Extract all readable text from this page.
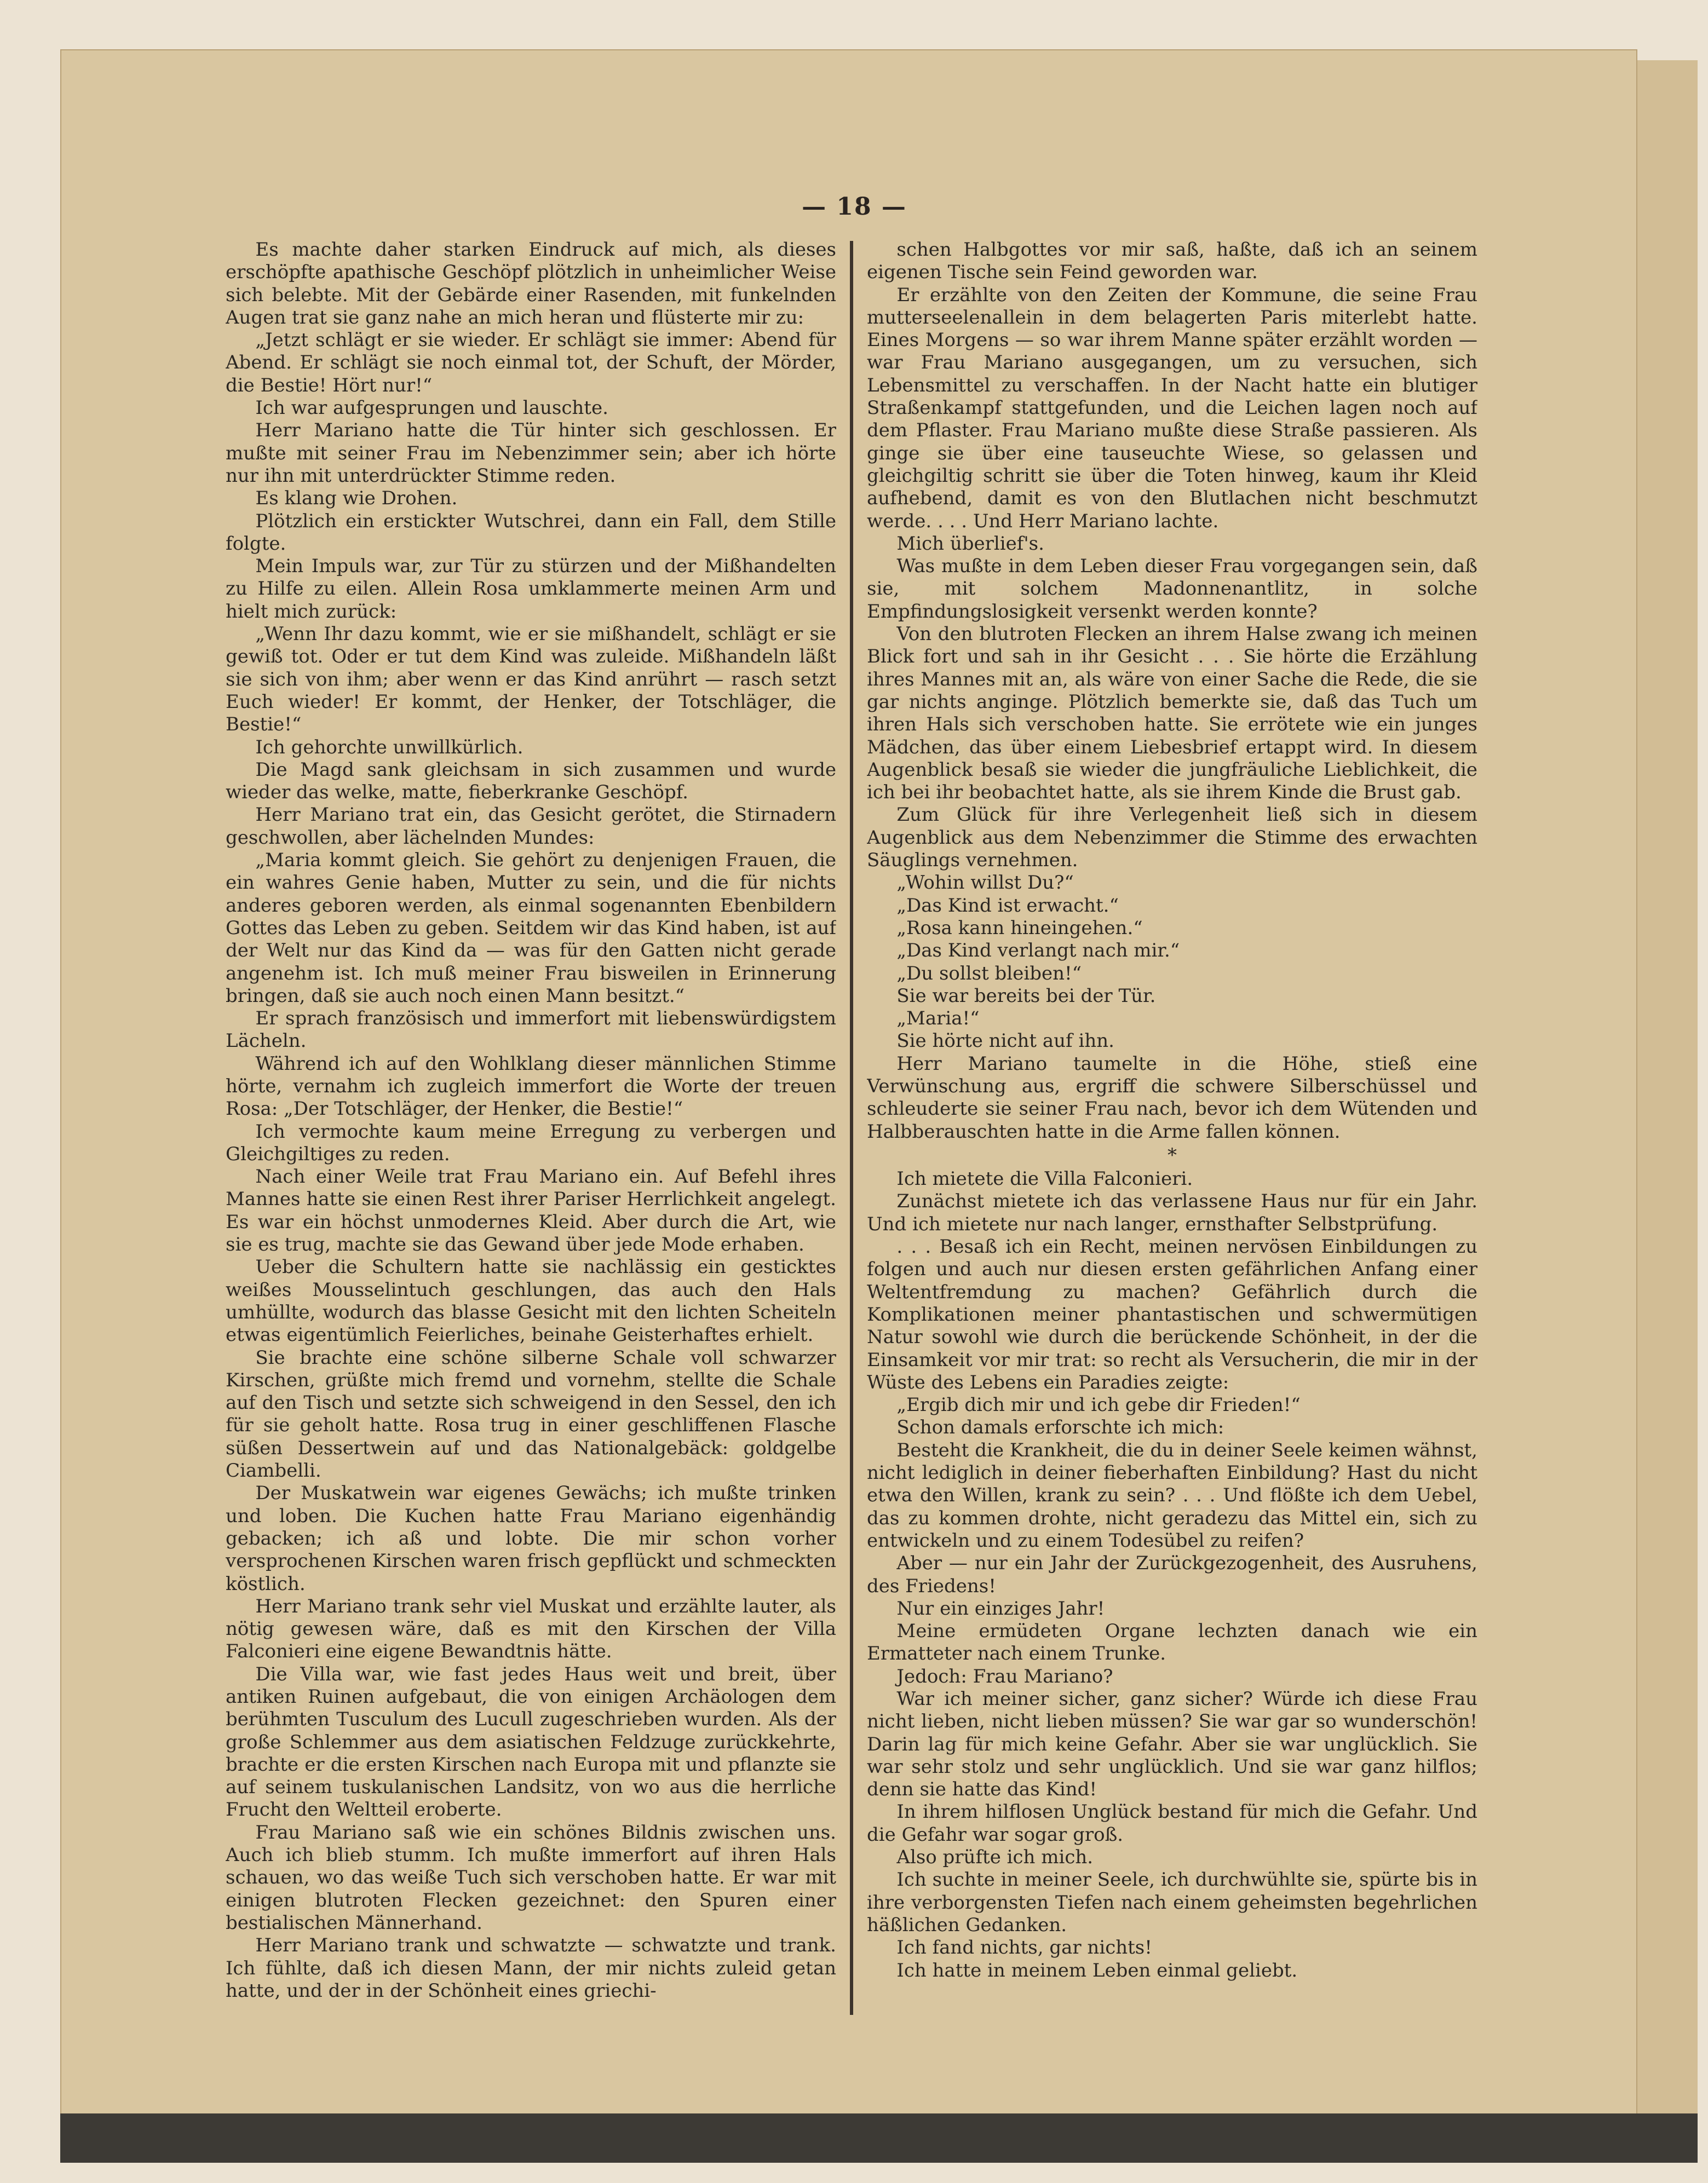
— 18 —

Es machte daher starken Eindruck auf mich, als dieses erschöpfte apathische Geschöpf plötzlich in unheimlicher Weise sich belebte. Mit der Gebärde einer Rasenden, mit funkelnden Augen trat sie ganz nahe an mich heran und flüsterte mir zu:

„Jetzt schlägt er sie wieder. Er schlägt sie immer: Abend für Abend. Er schlägt sie noch einmal tot, der Schuft, der Mörder, die Bestie! Hört nur!“

Ich war aufgesprungen und lauschte.

Herr Mariano hatte die Tür hinter sich geschlossen. Er mußte mit seiner Frau im Nebenzimmer sein; aber ich hörte nur ihn mit unterdrückter Stimme reden.

Es klang wie Drohen.

Plötzlich ein erstickter Wutschrei, dann ein Fall, dem Stille folgte.

Mein Impuls war, zur Tür zu stürzen und der Mißhandelten zu Hilfe zu eilen. Allein Rosa umklammerte meinen Arm und hielt mich zurück:

„Wenn Ihr dazu kommt, wie er sie mißhandelt, schlägt er sie gewiß tot. Oder er tut dem Kind was zuleide. Mißhandeln läßt sie sich von ihm; aber wenn er das Kind anrührt — rasch setzt Euch wieder! Er kommt, der Henker, der Totschläger, die Bestie!“

Ich gehorchte unwillkürlich.

Die Magd sank gleichsam in sich zusammen und wurde wieder das welke, matte, fieberkranke Geschöpf.

Herr Mariano trat ein, das Gesicht gerötet, die Stirnadern geschwollen, aber lächelnden Mundes:

„Maria kommt gleich. Sie gehört zu denjenigen Frauen, die ein wahres Genie haben, Mutter zu sein, und die für nichts anderes geboren werden, als einmal sogenannten Ebenbildern Gottes das Leben zu geben. Seitdem wir das Kind haben, ist auf der Welt nur das Kind da — was für den Gatten nicht gerade angenehm ist. Ich muß meiner Frau bisweilen in Erinnerung bringen, daß sie auch noch einen Mann besitzt.“

Er sprach französisch und immerfort mit liebenswürdigstem Lächeln.

Während ich auf den Wohlklang dieser männlichen Stimme hörte, vernahm ich zugleich immerfort die Worte der treuen Rosa: „Der Totschläger, der Henker, die Bestie!“

Ich vermochte kaum meine Erregung zu verbergen und Gleichgiltiges zu reden.

Nach einer Weile trat Frau Mariano ein. Auf Befehl ihres Mannes hatte sie einen Rest ihrer Pariser Herrlichkeit angelegt. Es war ein höchst unmodernes Kleid. Aber durch die Art, wie sie es trug, machte sie das Gewand über jede Mode erhaben.

Ueber die Schultern hatte sie nachlässig ein gesticktes weißes Mousselintuch geschlungen, das auch den Hals umhüllte, wodurch das blasse Gesicht mit den lichten Scheiteln etwas eigentümlich Feierliches, beinahe Geisterhaftes erhielt.

Sie brachte eine schöne silberne Schale voll schwarzer Kirschen, grüßte mich fremd und vornehm, stellte die Schale auf den Tisch und setzte sich schweigend in den Sessel, den ich für sie geholt hatte. Rosa trug in einer geschliffenen Flasche süßen Dessertwein auf und das Nationalgebäck: goldgelbe Ciambelli.

Der Muskatwein war eigenes Gewächs; ich mußte trinken und loben. Die Kuchen hatte Frau Mariano eigenhändig gebacken; ich aß und lobte. Die mir schon vorher versprochenen Kirschen waren frisch gepflückt und schmeckten köstlich.

Herr Mariano trank sehr viel Muskat und erzählte lauter, als nötig gewesen wäre, daß es mit den Kirschen der Villa Falconieri eine eigene Bewandtnis hätte.

Die Villa war, wie fast jedes Haus weit und breit, über antiken Ruinen aufgebaut, die von einigen Archäologen dem berühmten Tusculum des Lucull zugeschrieben wurden. Als der große Schlemmer aus dem asiatischen Feldzuge zurückkehrte, brachte er die ersten Kirschen nach Europa mit und pflanzte sie auf seinem tuskulanischen Landsitz, von wo aus die herrliche Frucht den Weltteil eroberte.

Frau Mariano saß wie ein schönes Bildnis zwischen uns. Auch ich blieb stumm. Ich mußte immerfort auf ihren Hals schauen, wo das weiße Tuch sich verschoben hatte. Er war mit einigen blutroten Flecken gezeichnet: den Spuren einer bestialischen Männerhand.

Herr Mariano trank und schwatzte — schwatzte und trank. Ich fühlte, daß ich diesen Mann, der mir nichts zuleid getan hatte, und der in der Schönheit eines griechi-

schen Halbgottes vor mir saß, haßte, daß ich an seinem eigenen Tische sein Feind geworden war.

Er erzählte von den Zeiten der Kommune, die seine Frau mutterseelenallein in dem belagerten Paris miterlebt hatte. Eines Morgens — so war ihrem Manne später erzählt worden — war Frau Mariano ausgegangen, um zu versuchen, sich Lebensmittel zu verschaffen. In der Nacht hatte ein blutiger Straßenkampf stattgefunden, und die Leichen lagen noch auf dem Pflaster. Frau Mariano mußte diese Straße passieren. Als ginge sie über eine tauseuchte Wiese, so gelassen und gleichgiltig schritt sie über die Toten hinweg, kaum ihr Kleid aufhebend, damit es von den Blutlachen nicht beschmutzt werde. . . . Und Herr Mariano lachte.

Mich überlief's.

Was mußte in dem Leben dieser Frau vorgegangen sein, daß sie, mit solchem Madonnenantlitz, in solche Empfindungslosigkeit versenkt werden konnte?

Von den blutroten Flecken an ihrem Halse zwang ich meinen Blick fort und sah in ihr Gesicht . . . Sie hörte die Erzählung ihres Mannes mit an, als wäre von einer Sache die Rede, die sie gar nichts anginge. Plötzlich bemerkte sie, daß das Tuch um ihren Hals sich verschoben hatte. Sie errötete wie ein junges Mädchen, das über einem Liebesbrief ertappt wird. In diesem Augenblick besaß sie wieder die jungfräuliche Lieblichkeit, die ich bei ihr beobachtet hatte, als sie ihrem Kinde die Brust gab.

Zum Glück für ihre Verlegenheit ließ sich in diesem Augenblick aus dem Nebenzimmer die Stimme des erwachten Säuglings vernehmen.

„Wohin willst Du?“

„Das Kind ist erwacht.“

„Rosa kann hineingehen.“

„Das Kind verlangt nach mir.“

„Du sollst bleiben!“

Sie war bereits bei der Tür.

„Maria!“

Sie hörte nicht auf ihn.

Herr Mariano taumelte in die Höhe, stieß eine Verwünschung aus, ergriff die schwere Silberschüssel und schleuderte sie seiner Frau nach, bevor ich dem Wütenden und Halbberauschten hatte in die Arme fallen können.

*

Ich mietete die Villa Falconieri.

Zunächst mietete ich das verlassene Haus nur für ein Jahr. Und ich mietete nur nach langer, ernsthafter Selbstprüfung.

. . . Besaß ich ein Recht, meinen nervösen Einbildungen zu folgen und auch nur diesen ersten gefährlichen Anfang einer Weltentfremdung zu machen? Gefährlich durch die Komplikationen meiner phantastischen und schwermütigen Natur sowohl wie durch die berückende Schönheit, in der die Einsamkeit vor mir trat: so recht als Versucherin, die mir in der Wüste des Lebens ein Paradies zeigte:

„Ergib dich mir und ich gebe dir Frieden!“

Schon damals erforschte ich mich:

Besteht die Krankheit, die du in deiner Seele keimen wähnst, nicht lediglich in deiner fieberhaften Einbildung? Hast du nicht etwa den Willen, krank zu sein? . . . Und flößte ich dem Uebel, das zu kommen drohte, nicht geradezu das Mittel ein, sich zu entwickeln und zu einem Todesübel zu reifen?

Aber — nur ein Jahr der Zurückgezogenheit, des Ausruhens, des Friedens!

Nur ein einziges Jahr!

Meine ermüdeten Organe lechzten danach wie ein Ermatteter nach einem Trunke.

Jedoch: Frau Mariano?

War ich meiner sicher, ganz sicher? Würde ich diese Frau nicht lieben, nicht lieben müssen? Sie war gar so wunderschön! Darin lag für mich keine Gefahr. Aber sie war unglücklich. Sie war sehr stolz und sehr unglücklich. Und sie war ganz hilflos; denn sie hatte das Kind!

In ihrem hilflosen Unglück bestand für mich die Gefahr. Und die Gefahr war sogar groß.

Also prüfte ich mich.

Ich suchte in meiner Seele, ich durchwühlte sie, spürte bis in ihre verborgensten Tiefen nach einem geheimsten begehrlichen häßlichen Gedanken.

Ich fand nichts, gar nichts!

Ich hatte in meinem Leben einmal geliebt.
